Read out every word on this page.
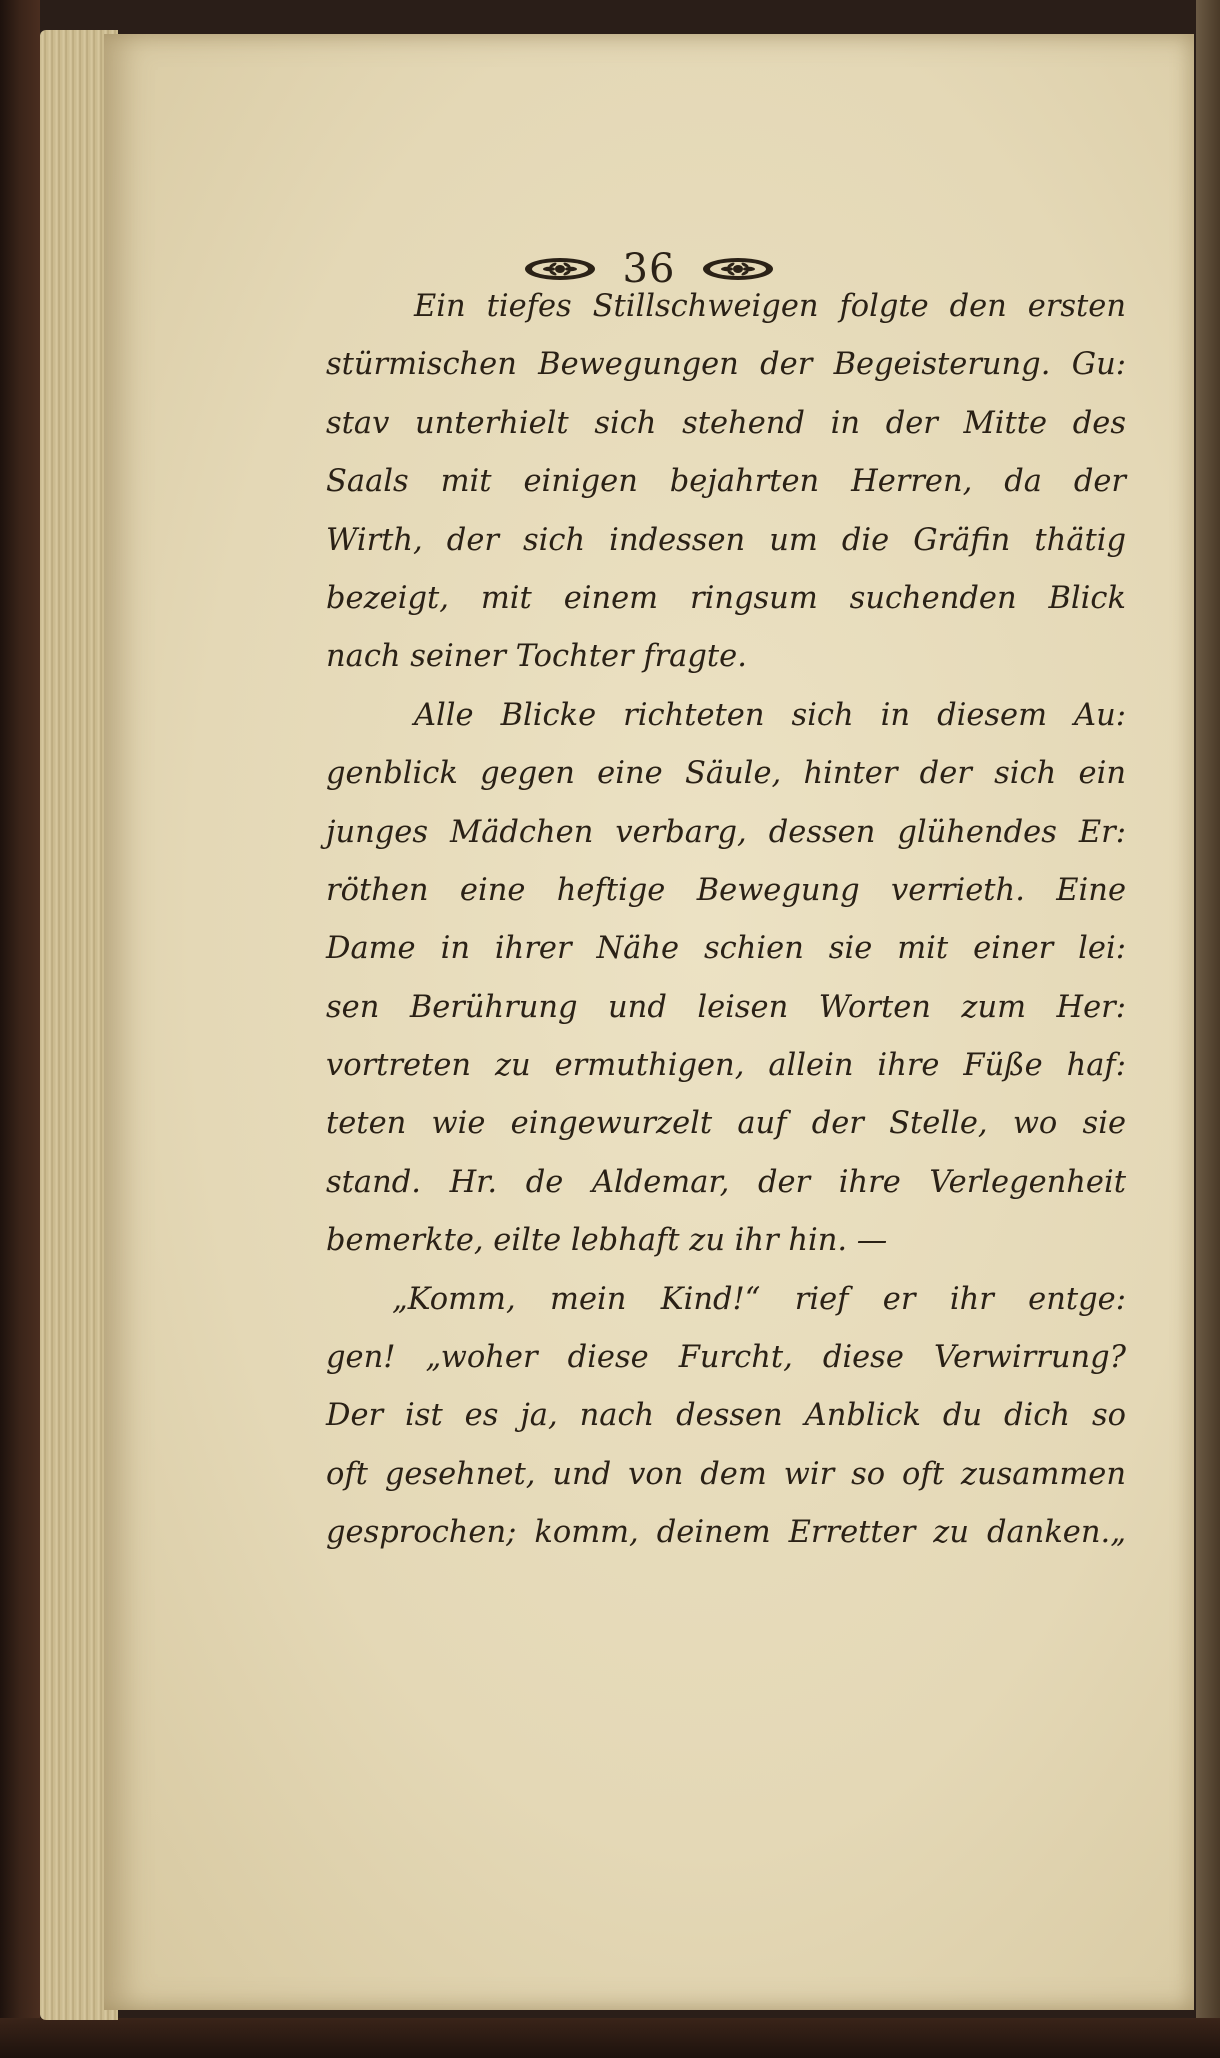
36
Ein tiefes Stillschweigen folgte den ersten
stürmischen Bewegungen der Begeisterung. Gu:
stav unterhielt sich stehend in der Mitte des
Saals mit einigen bejahrten Herren, da der
Wirth, der sich indessen um die Gräfin thätig
bezeigt, mit einem ringsum suchenden Blick
nach seiner Tochter fragte.
Alle Blicke richteten sich in diesem Au:
genblick gegen eine Säule, hinter der sich ein
junges Mädchen verbarg, dessen glühendes Er:
röthen eine heftige Bewegung verrieth. Eine
Dame in ihrer Nähe schien sie mit einer lei:
sen Berührung und leisen Worten zum Her:
vortreten zu ermuthigen, allein ihre Füße haf:
teten wie eingewurzelt auf der Stelle, wo sie
stand. Hr. de Aldemar, der ihre Verlegenheit
bemerkte, eilte lebhaft zu ihr hin. —
„Komm, mein Kind!“ rief er ihr entge:
gen! „woher diese Furcht, diese Verwirrung?
Der ist es ja, nach dessen Anblick du dich so
oft gesehnet, und von dem wir so oft zusammen
gesprochen; komm, deinem Erretter zu danken.„
